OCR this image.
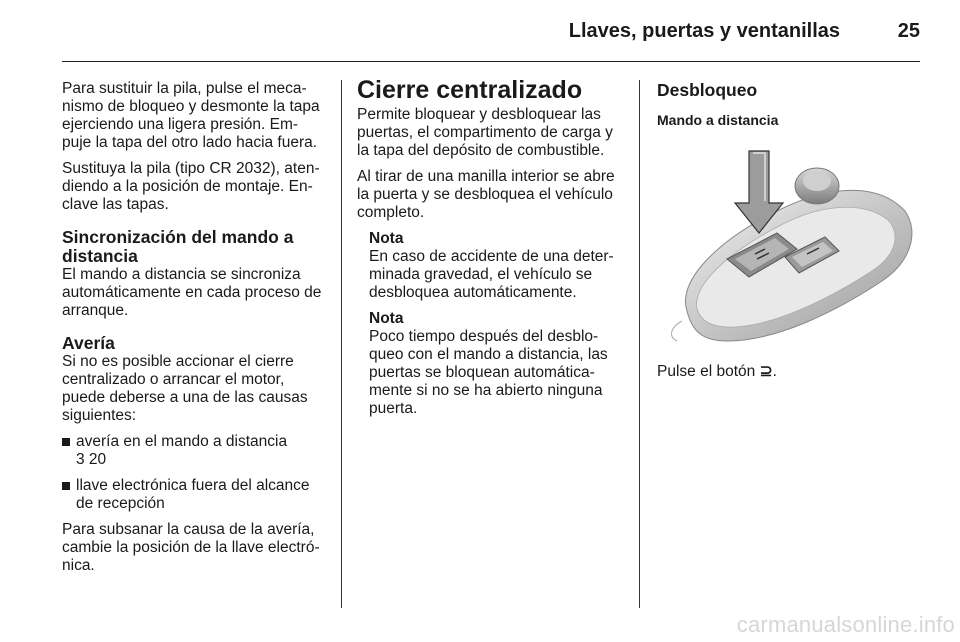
Llaves, puertas y ventanillas	25

Para sustituir la pila, pulse el meca- nismo de bloqueo y desmonte la tapa ejerciendo una ligera presión. Em- puje la tapa del otro lado hacia fuera.

Sustituya la pila (tipo CR 2032), aten- diendo a la posición de montaje. En- clave las tapas.

Sincronización del mando a distancia

El mando a distancia se sincroniza automáticamente en cada proceso de arranque.

Avería

Si no es posible accionar el cierre centralizado o arrancar el motor, puede deberse a una de las causas siguientes:

avería en el mando a distancia
3 20
llave electrónica fuera del alcance de recepción

Para subsanar la causa de la avería, cambie la posición de la llave electró- nica.

Cierre centralizado

Permite bloquear y desbloquear las puertas, el compartimento de carga y la tapa del depósito de combustible.

Al tirar de una manilla interior se abre la puerta y se desbloquea el vehículo completo.

Nota
En caso de accidente de una deter- minada gravedad, el vehículo se desbloquea automáticamente.
Nota
Poco tiempo después del desblo- queo con el mando a distancia, las puertas se bloquean automática- mente si no se ha abierto ninguna puerta.
Desbloqueo
Mando a distancia

Pulse el botón ⊇.

carmanualsonline.info
